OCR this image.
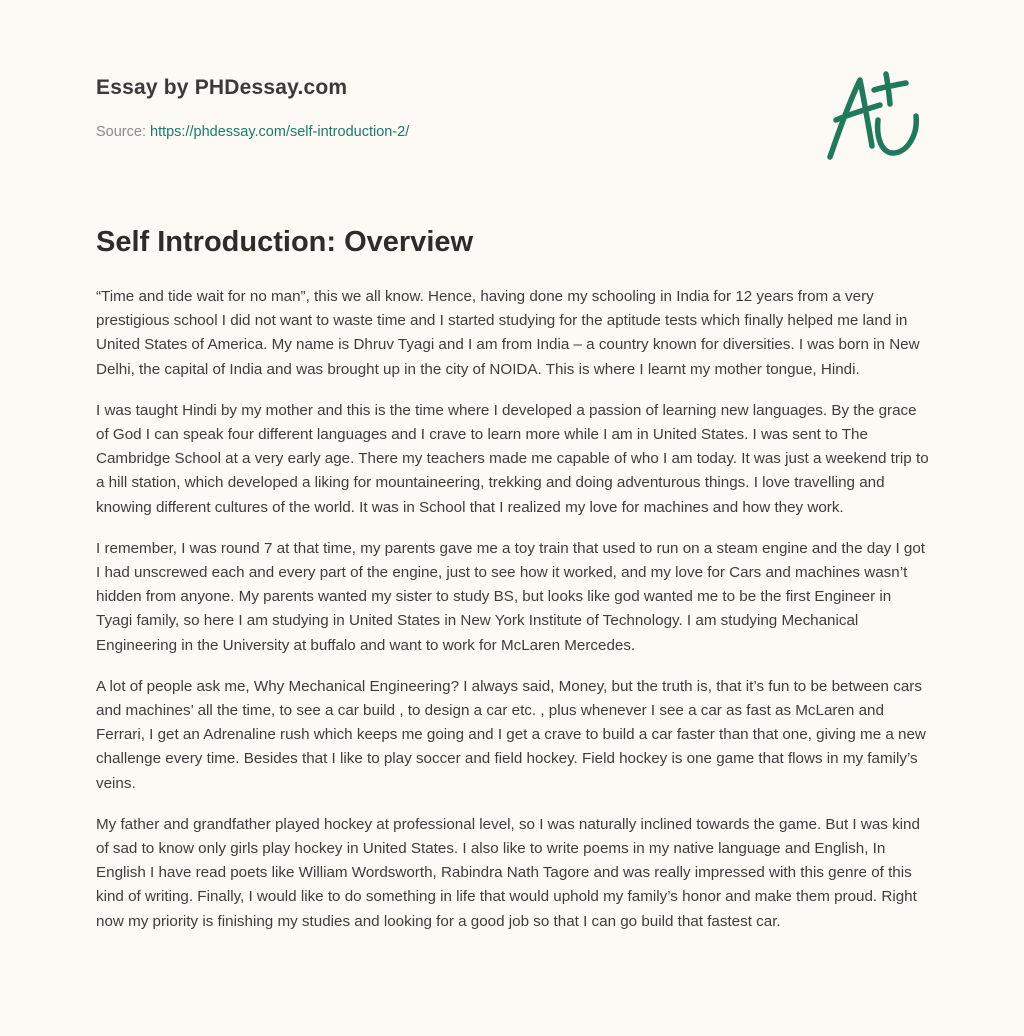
Essay by PHDessay.com
Source: https://phdessay.com/self-introduction-2/
Self Introduction: Overview

“Time and tide wait for no man”, this we all know. Hence, having done my schooling in India for 12 years from a very prestigious school I did not want to waste time and I started studying for the aptitude tests which finally helped me land in United States of America. My name is Dhruv Tyagi and I am from India – a country known for diversities. I was born in New Delhi, the capital of India and was brought up in the city of NOIDA. This is where I learnt my mother tongue, Hindi.

I was taught Hindi by my mother and this is the time where I developed a passion of learning new languages. By the grace of God I can speak four different languages and I crave to learn more while I am in United States. I was sent to The Cambridge School at a very early age. There my teachers made me capable of who I am today. It was just a weekend trip to a hill station, which developed a liking for mountaineering, trekking and doing adventurous things. I love travelling and knowing different cultures of the world. It was in School that I realized my love for machines and how they work.

I remember, I was round 7 at that time, my parents gave me a toy train that used to run on a steam engine and the day I got I had unscrewed each and every part of the engine, just to see how it worked, and my love for Cars and machines wasn’t hidden from anyone. My parents wanted my sister to study BS, but looks like god wanted me to be the first Engineer in Tyagi family, so here I am studying in United States in New York Institute of Technology. I am studying Mechanical Engineering in the University at buffalo and want to work for McLaren Mercedes.

A lot of people ask me, Why Mechanical Engineering? I always said, Money, but the truth is, that it’s fun to be between cars and machines’ all the time, to see a car build , to design a car etc. , plus whenever I see a car as fast as McLaren and Ferrari, I get an Adrenaline rush which keeps me going and I get a crave to build a car faster than that one, giving me a new challenge every time. Besides that I like to play soccer and field hockey. Field hockey is one game that flows in my family’s veins.

My father and grandfather played hockey at professional level, so I was naturally inclined towards the game. But I was kind of sad to know only girls play hockey in United States. I also like to write poems in my native language and English, In English I have read poets like William Wordsworth, Rabindra Nath Tagore and was really impressed with this genre of this kind of writing. Finally, I would like to do something in life that would uphold my family’s honor and make them proud. Right now my priority is finishing my studies and looking for a good job so that I can go build that fastest car.
